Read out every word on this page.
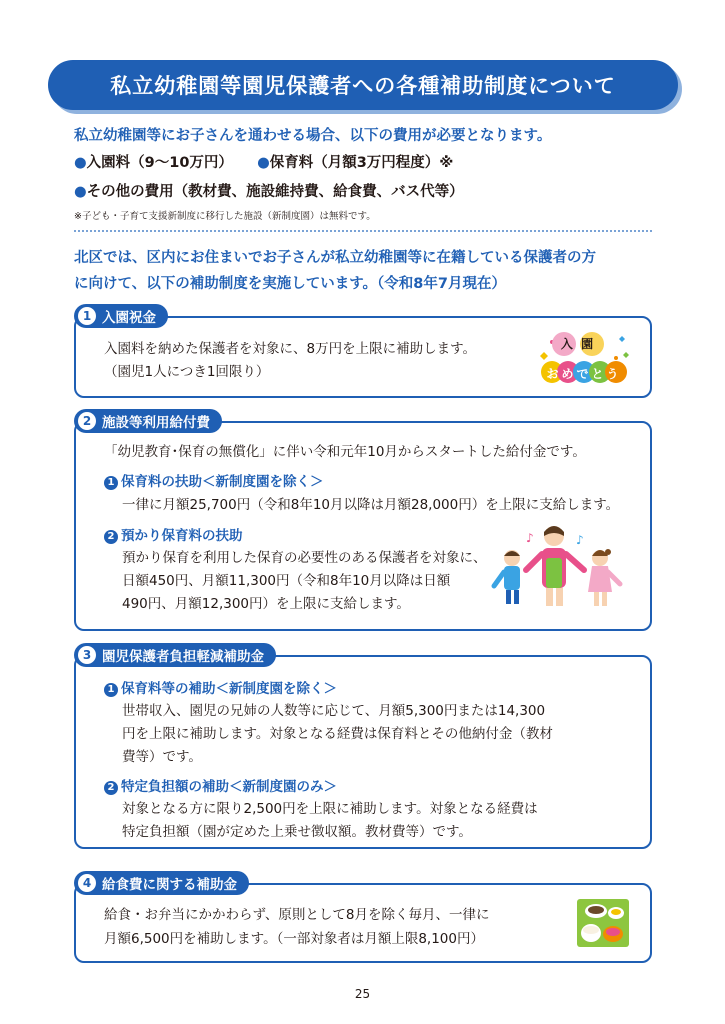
私立幼稚園等園児保護者への各種補助制度について
私立幼稚園等にお子さんを通わせる場合、以下の費用が必要となります。
●入園料（9～10万円） ●保育料（月額3万円程度）※
●その他の費用（教材費、施設維持費、給食費、バス代等）
※子ども・子育て支援新制度に移行した施設（新制度園）は無料です。
北区では、区内にお住まいでお子さんが私立幼稚園等に在籍している保護者の方
に向けて、以下の補助制度を実施しています。（令和8年7月現在）
1 入園祝金
入園料を納めた保護者を対象に、8万円を上限に補助します。
（園児1人につき1回限り）
入 園
おめでとう
2 施設等利用給付費
「幼児教育･保育の無償化」に伴い令和元年10月からスタートした給付金です。
1 保育料の扶助＜新制度園を除く＞
一律に月額25,700円（令和8年10月以降は月額28,000円）を上限に支給します。
2 預かり保育料の扶助
預かり保育を利用した保育の必要性のある保護者を対象に、
日額450円、月額11,300円（令和8年10月以降は日額
490円、月額12,300円）を上限に支給します。
♪	♪
3 園児保護者負担軽減補助金
1 保育料等の補助＜新制度園を除く＞
世帯収入、園児の兄姉の人数等に応じて、月額5,300円または14,300
円を上限に補助します。対象となる経費は保育料とその他納付金（教材
費等）です。
2 特定負担額の補助＜新制度園のみ＞
対象となる方に限り2,500円を上限に補助します。対象となる経費は
特定負担額（園が定めた上乗せ徴収額。教材費等）です。
4 給食費に関する補助金
給食・お弁当にかかわらず、原則として8月を除く毎月、一律に
月額6,500円を補助します。（一部対象者は月額上限8,100円）
25
